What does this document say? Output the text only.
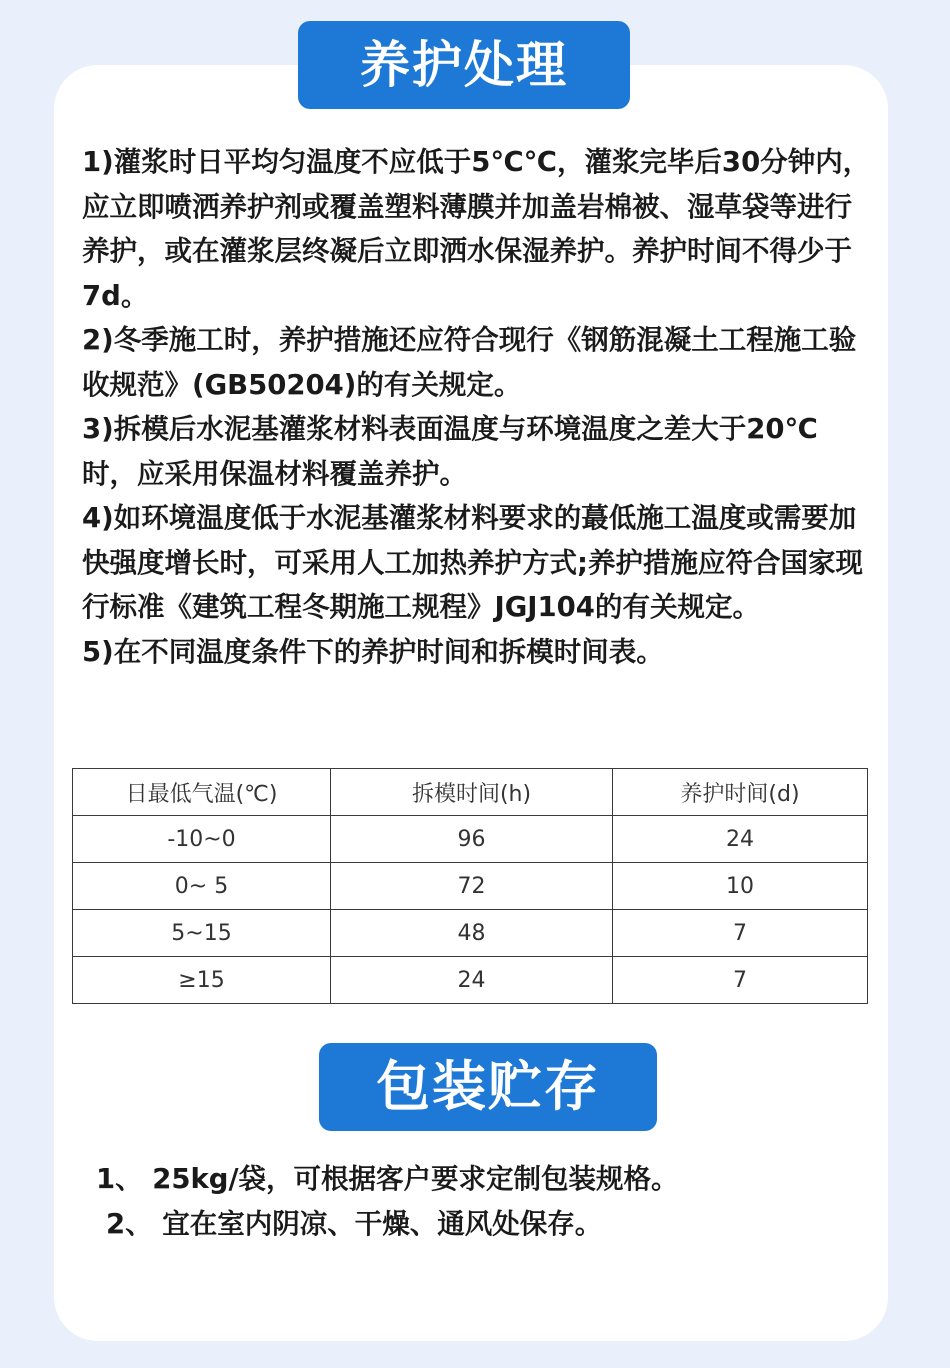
养护处理

1)灌浆时日平均匀温度不应低于5℃℃，灌浆完毕后30分钟内，应立即喷洒养护剂或覆盖塑料薄膜并加盖岩棉被、湿草袋等进行养护，或在灌浆层终凝后立即洒水保湿养护。养护时间不得少于7d。

2)冬季施工时，养护措施还应符合现行《钢筋混凝土工程施工验收规范》(GB50204)的有关规定。

3)拆模后水泥基灌浆材料表面温度与环境温度之差大于20℃时，应采用保温材料覆盖养护。

4)如环境温度低于水泥基灌浆材料要求的蕞低施工温度或需要加快强度增长时，可采用人工加热养护方式;养护措施应符合国家现行标准《建筑工程冬期施工规程》JGJ104的有关规定。

5)在不同温度条件下的养护时间和拆模时间表。

日最低气温(℃)	拆模时间(h)	养护时间(d)
-10~0	96	24
0~ 5	72	10
5~15	48	7
≥15	24	7
包装贮存

1、 25kg/袋，可根据客户要求定制包装规格。

2、 宜在室内阴凉、干燥、通风处保存。
